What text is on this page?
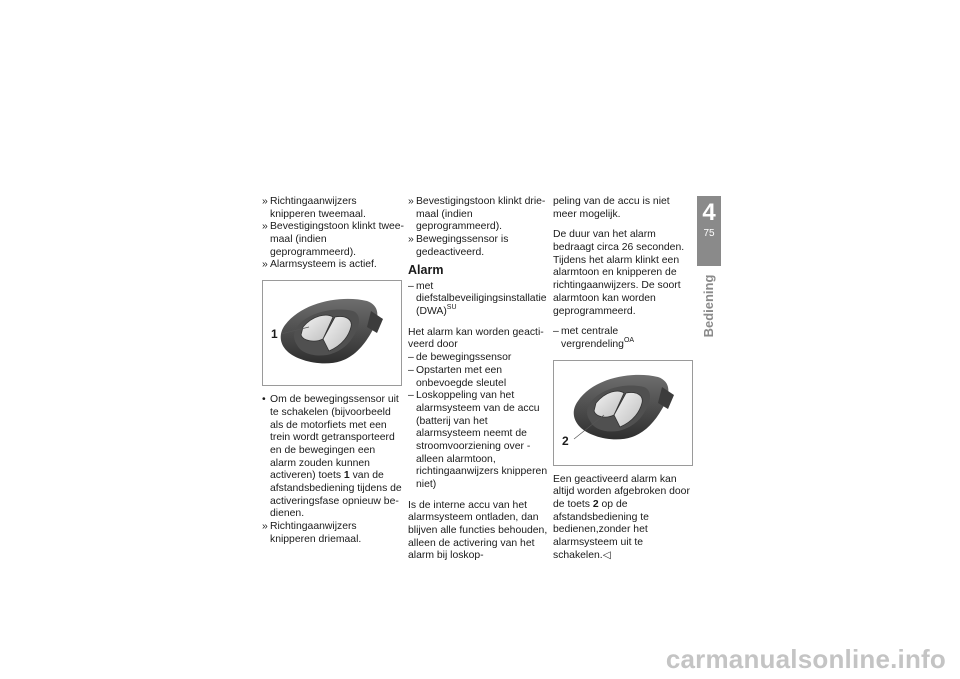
» Richtingaanwijzers knipperen tweemaal.

» Bevestigingstoon klinkt tweemaal (indien geprogrammeerd).

» Alarmsysteem is actief.

1

• Om de bewegingssensor uit te schakelen (bijvoorbeeld als de motorfiets met een trein wordt getransporteerd en de bewegingen een alarm zouden kunnen activeren) toets 1 van de afstandsbediening tijdens de activeringsfase opnieuw bedienen.

» Richtingaanwijzers knipperen driemaal.

» Bevestigingstoon klinkt driemaal (indien geprogrammeerd).

» Bewegingssensor is gedeactiveerd.

Alarm

– met diefstalbeveiligingsinstallatie (DWA)$^{SU}$

Het alarm kan worden geactiveerd door

– de bewegingssensor

– Opstarten met een onbevoegde sleutel

– Loskoppeling van het alarmsysteem van de accu (batterij van het alarmsysteem neemt de stroomvoorziening over - alleen alarmtoon, richtingaanwijzers knipperen niet)

Is de interne accu van het alarmsysteem ontladen, dan blijven alle functies behouden, alleen de activering van het alarm bij loskop-

peling van de accu is niet meer mogelijk.

De duur van het alarm bedraagt circa 26 seconden. Tijdens het alarm klinkt een alarmtoon en knipperen de richtingaanwijzers. De soort alarmtoon kan worden geprogrammeerd.

– met centrale vergrendeling$^{OA}$

2

Een geactiveerd alarm kan altijd worden afgebroken door de toets 2 op de afstandsbediening te bedienen,zonder het alarmsysteem uit te schakelen.◁

4
75
Bediening
carmanualsonline.info
